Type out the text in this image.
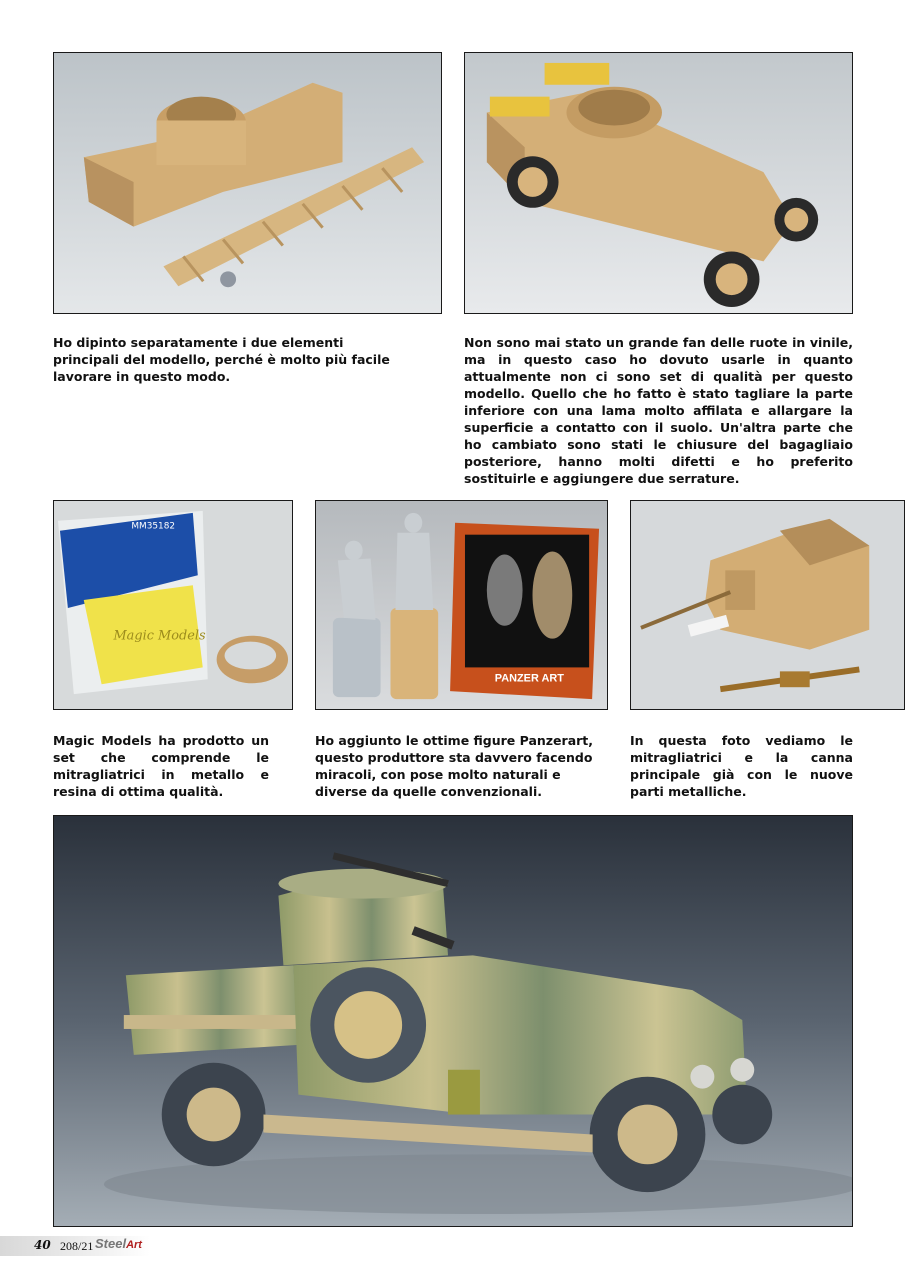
Ho dipinto separatamente i due elementi principali del modello, perché è molto più facile lavorare in questo modo.

Non sono mai stato un grande fan delle ruote in vinile, ma in questo caso ho dovuto usarle in quanto attualmente non ci sono set di qualità per questo modello. Quello che ho fatto è stato tagliare la parte inferiore con una lama molto affilata e allargare la superficie a contatto con il suolo. Un'altra parte che ho cambiato sono stati le chiusure del bagagliaio posteriore, hanno molti difetti e ho preferito sostituirle e aggiungere due serrature.

MM35182
Magic Models
PANZER ART

Magic Models ha prodotto un set che comprende le mitragliatrici in metallo e resina di ottima qualità.

Ho aggiunto le ottime figure Panzerart, questo produttore sta davvero facendo miracoli, con pose molto naturali e diverse da quelle convenzionali.

In questa foto vediamo le mitragliatrici e la canna principale già con le nuove parti metalliche.

40 208/21 SteelArt
